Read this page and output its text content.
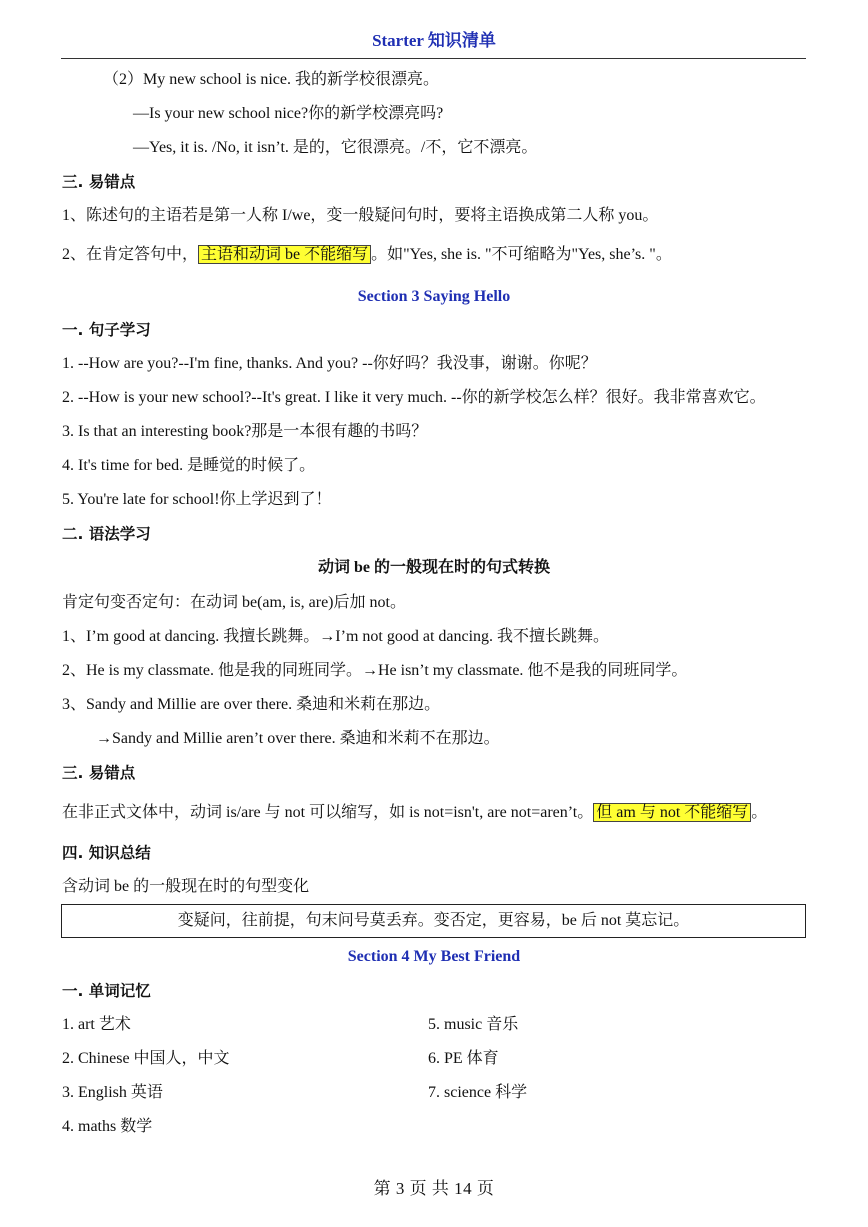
Starter 知识清单
（2）My new school is nice. 我的新学校很漂亮。
—Is your new school nice?你的新学校漂亮吗?
—Yes, it is. /No, it isn’t. 是的，它很漂亮。/不，它不漂亮。
三. 易错点
1、陈述句的主语若是第一人称 I/we，变一般疑问句时，要将主语换成第二人称 you。
2、在肯定答句中， 主语和动词 be 不能缩写 。如"Yes, she is. "不可缩略为"Yes, she’s. "。
Section 3 Saying Hello
一. 句子学习
1. --How are you?--I'm fine, thanks. And you? --你好吗？我没事，谢谢。你呢？
2. --How is your new school?--It's great. I like it very much. --你的新学校怎么样？很好。我非常喜欢它。
3. Is that an interesting book?那是一本很有趣的书吗？
4. It's time for bed. 是睡觉的时候了。
5. You're late for school!你上学迟到了！
二. 语法学习
动词 be 的一般现在时的句式转换
肯定句变否定句：在动词 be(am, is, are)后加 not。
1、I’m good at dancing. 我擅长跳舞。→I’m not good at dancing. 我不擅长跳舞。
2、He is my classmate. 他是我的同班同学。→He isn’t my classmate. 他不是我的同班同学。
3、Sandy and Millie are over there. 桑迪和米莉在那边。
→Sandy and Millie aren’t over there. 桑迪和米莉不在那边。
三. 易错点
在非正式文体中，动词 is/are 与 not 可以缩写，如 is not=isn't, are not=aren’t。 但 am 与 not 不能缩写 。
四. 知识总结
含动词 be 的一般现在时的句型变化
变疑问，往前提，句末问号莫丢弃。变否定，更容易，be 后 not 莫忘记。
Section 4 My Best Friend
一. 单词记忆
1. art 艺术
2. Chinese 中国人，中文
3. English 英语
4. maths 数学
5. music 音乐
6. PE 体育
7. science 科学
第 3 页 共 14 页
